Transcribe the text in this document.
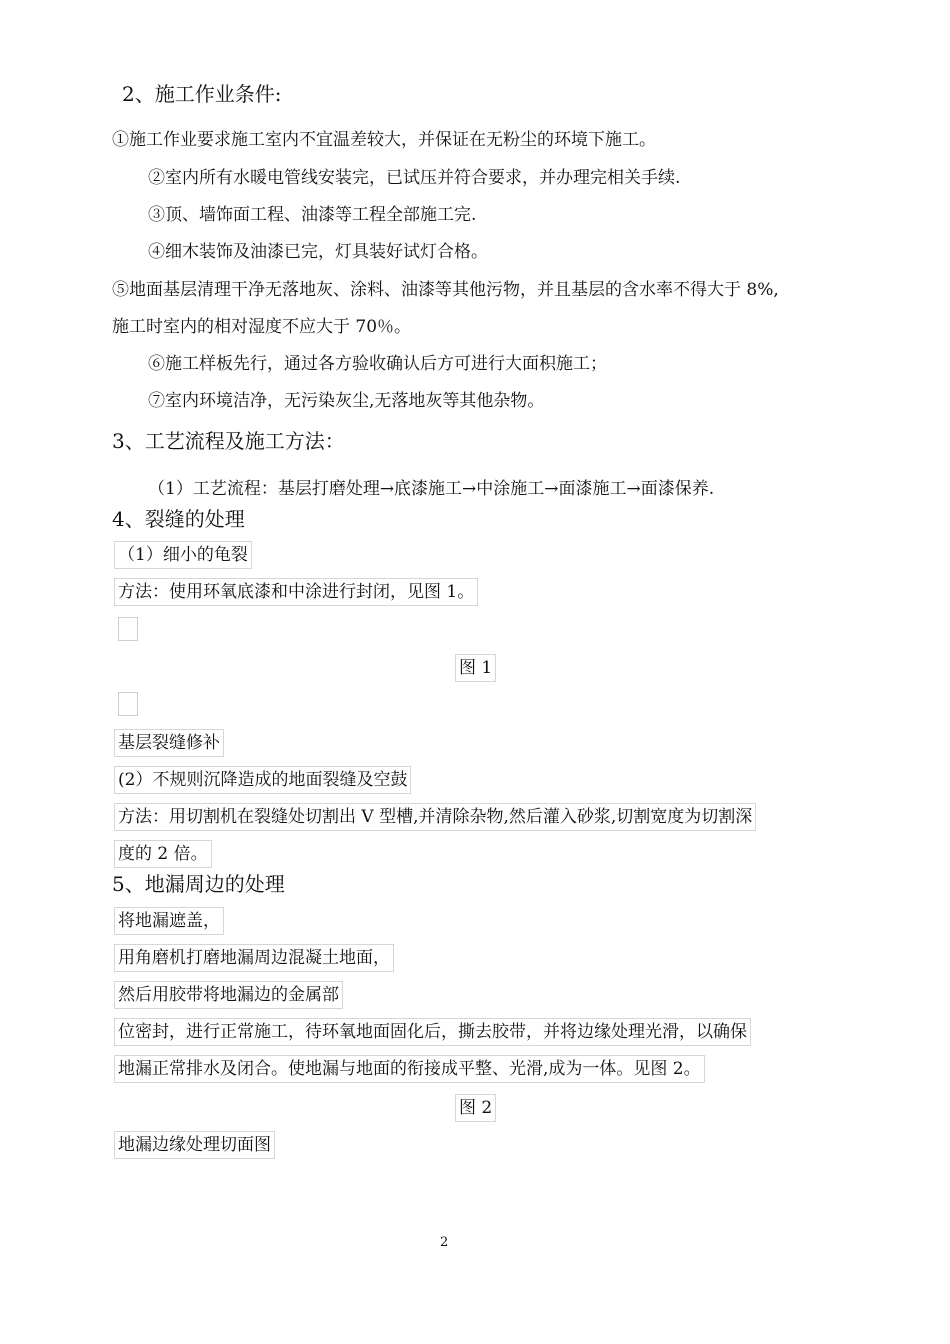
2、施工作业条件:
①施工作业要求施工室内不宜温差较大，并保证在无粉尘的环境下施工。
②室内所有水暖电管线安装完，已试压并符合要求，并办理完相关手续.
③顶、墙饰面工程、油漆等工程全部施工完.
④细木装饰及油漆已完，灯具装好试灯合格。
⑤地面基层清理干净无落地灰、涂料、油漆等其他污物，并且基层的含水率不得大于 8%,
施工时室内的相对湿度不应大于 70％。
⑥施工样板先行，通过各方验收确认后方可进行大面积施工；
⑦室内环境洁净，无污染灰尘,无落地灰等其他杂物。
3、工艺流程及施工方法：
（1）工艺流程：基层打磨处理→底漆施工→中涂施工→面漆施工→面漆保养.
4、裂缝的处理
（1）细小的龟裂
方法：使用环氧底漆和中涂进行封闭，见图 1。
图 1
基层裂缝修补
(2）不规则沉降造成的地面裂缝及空鼓
方法：用切割机在裂缝处切割出 V 型槽,并清除杂物,然后灌入砂浆,切割宽度为切割深
度的 2 倍。
5、地漏周边的处理
将地漏遮盖，
用角磨机打磨地漏周边混凝土地面，
然后用胶带将地漏边的金属部
位密封，进行正常施工，待环氧地面固化后，撕去胶带，并将边缘处理光滑，以确保
地漏正常排水及闭合。使地漏与地面的衔接成平整、光滑,成为一体。见图 2。
图 2
地漏边缘处理切面图
2
